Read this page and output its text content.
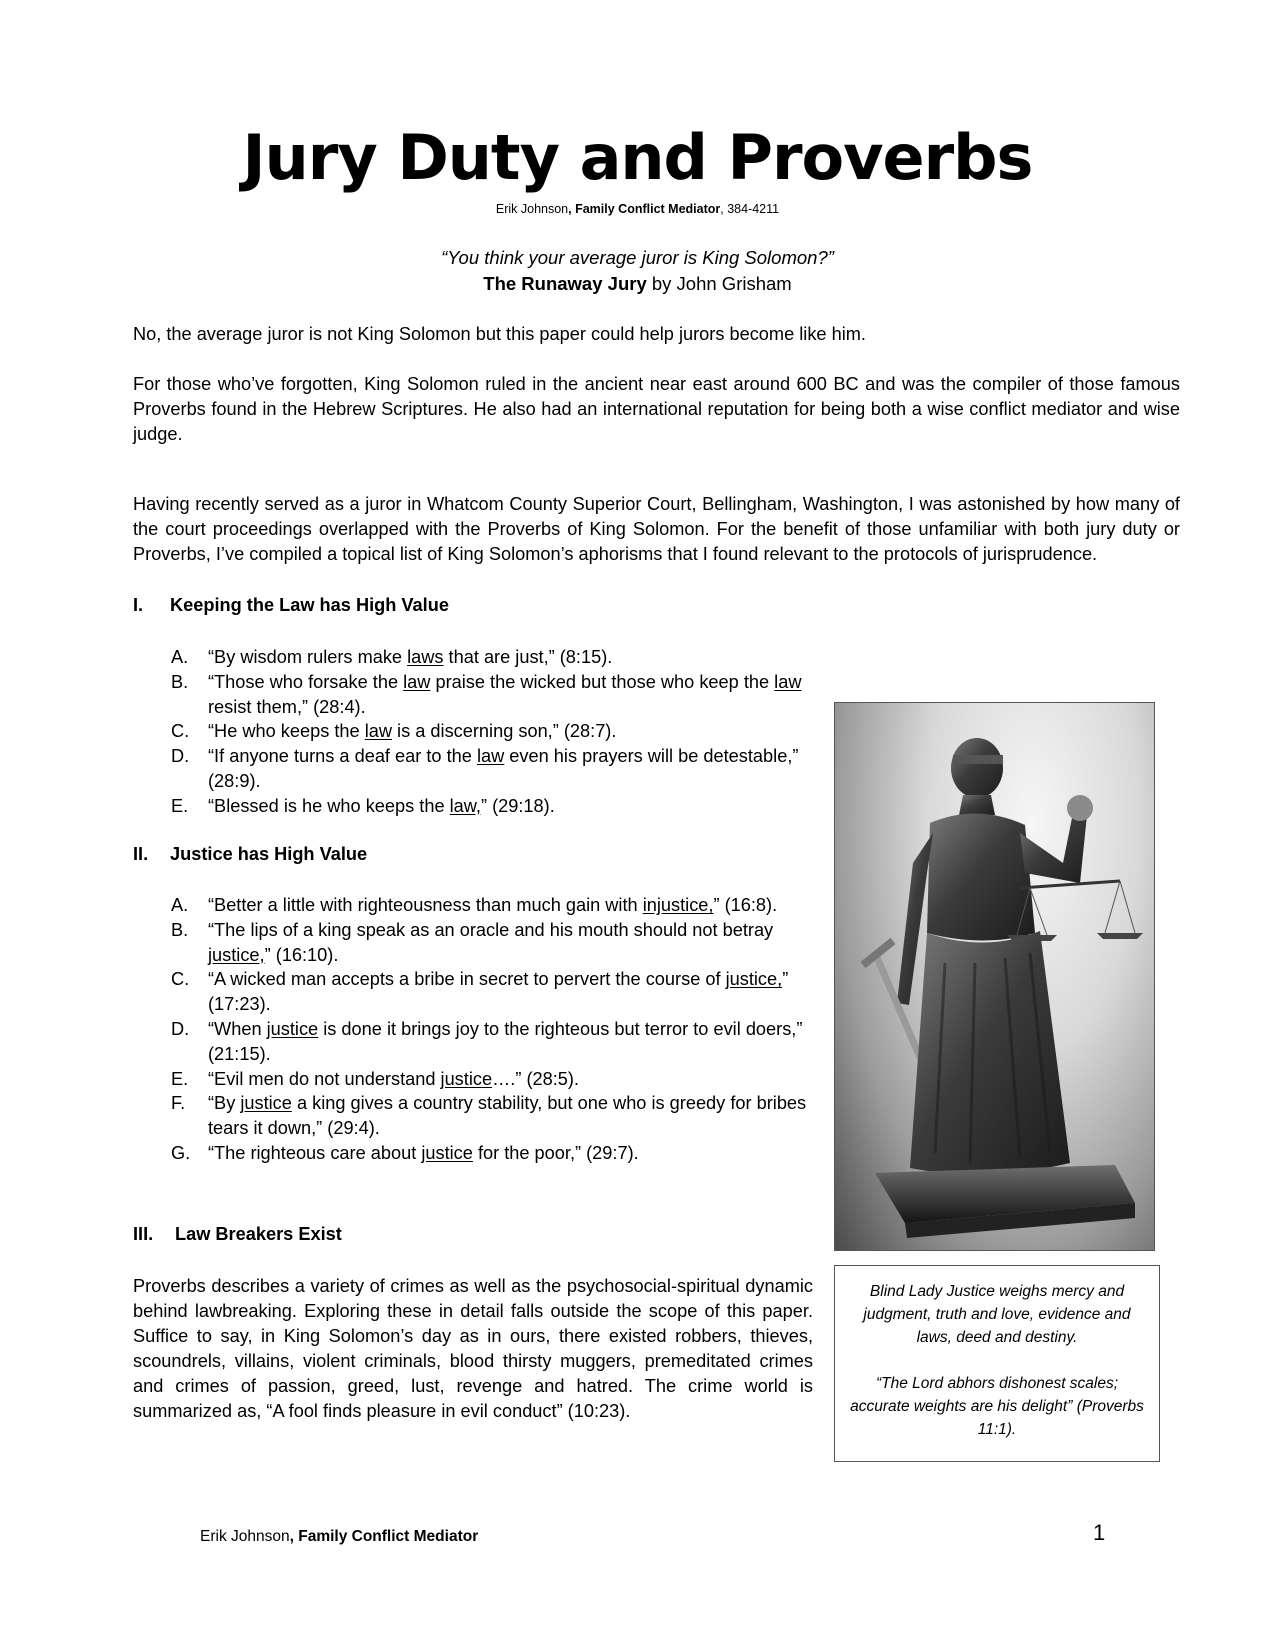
Jury Duty and Proverbs
Erik Johnson, Family Conflict Mediator, 384-4211
“You think your average juror is King Solomon?”
The Runaway Jury by John Grisham
No, the average juror is not King Solomon but this paper could help jurors become like him.
For those who’ve forgotten, King Solomon ruled in the ancient near east around 600 BC and was the compiler of those famous Proverbs found in the Hebrew Scriptures. He also had an international reputation for being both a wise conflict mediator and wise judge.
Having recently served as a juror in Whatcom County Superior Court, Bellingham, Washington, I was astonished by how many of the court proceedings overlapped with the Proverbs of King Solomon. For the benefit of those unfamiliar with both jury duty or Proverbs, I’ve compiled a topical list of King Solomon’s aphorisms that I found relevant to the protocols of jurisprudence.
I. Keeping the Law has High Value
A.	“By wisdom rulers make laws that are just,” (8:15).
B.	“Those who forsake the law praise the wicked but those who keep the law resist them,” (28:4).
C.	“He who keeps the law is a discerning son,” (28:7).
D.	“If anyone turns a deaf ear to the law even his prayers will be detestable,” (28:9).
E.	“Blessed is he who keeps the law,” (29:18).
II. Justice has High Value
A.	“Better a little with righteousness than much gain with injustice,” (16:8).
B.	“The lips of a king speak as an oracle and his mouth should not betray justice,” (16:10).
C.	“A wicked man accepts a bribe in secret to pervert the course of justice,” (17:23).
D.	“When justice is done it brings joy to the righteous but terror to evil doers,” (21:15).
E.	“Evil men do not understand justice….” (28:5).
F.	“By justice a king gives a country stability, but one who is greedy for bribes tears it down,” (29:4).
G. “The righteous care about justice for the poor,” (29:7).
III. Law Breakers Exist
Proverbs describes a variety of crimes as well as the psychosocial-spiritual dynamic behind lawbreaking. Exploring these in detail falls outside the scope of this paper. Suffice to say, in King Solomon’s day as in ours, there existed robbers, thieves, scoundrels, villains, violent criminals, blood thirsty muggers, premeditated crimes and crimes of passion, greed, lust, revenge and hatred. The crime world is summarized as, “A fool finds pleasure in evil conduct” (10:23).

Blind Lady Justice weighs mercy and judgment, truth and love, evidence and laws, deed and destiny.

“The Lord abhors dishonest scales; accurate weights are his delight” (Proverbs 11:1).

Erik Johnson, Family Conflict Mediator	1
